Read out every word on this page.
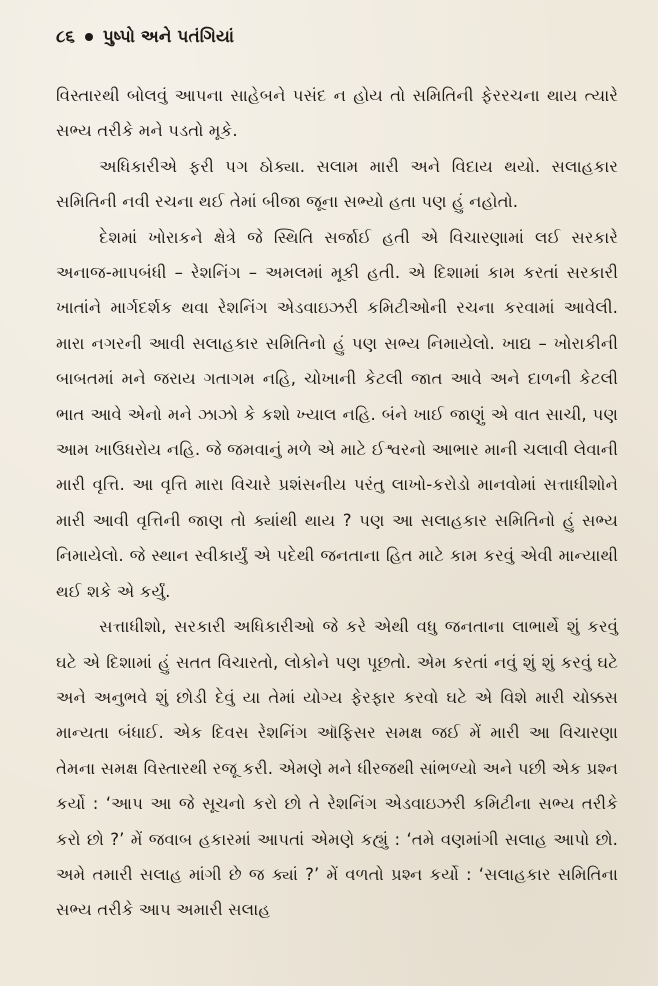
૮૬ પુષ્પો અને પતંગિયાં

વિસ્તારથી બોલવું આપના સાહેબને પસંદ ન હોય તો સમિતિની ફેરરચના થાય ત્યારે સભ્ય તરીકે મને પડતો મૂકે.

અધિકારીએ ફરી પગ ઠોક્યા. સલામ મારી અને વિદાય થયો. સલાહકાર સમિતિની નવી રચના થઈ તેમાં બીજા જૂના સભ્યો હતા પણ હું નહોતો.

દેશમાં ખોરાકને ક્ષેત્રે જે સ્થિતિ સર્જાઈ હતી એ વિચારણામાં લઈ સરકારે અનાજ-માપબંધી – રેશનિંગ – અમલમાં મૂકી હતી. એ દિશામાં કામ કરતાં સરકારી ખાતાંને માર્ગદર્શક થવા રેશનિંગ એડવાઇઝરી કમિટીઓની રચના કરવામાં આવેલી. મારા નગરની આવી સલાહકાર સમિતિનો હું પણ સભ્ય નિમાયેલો. ખાદ્ય – ખોરાકીની બાબતમાં મને જરાય ગતાગમ નહિ, ચોખાની કેટલી જાત આવે અને દાળની કેટલી ભાત આવે એનો મને ઝાઝો કે કશો ખ્યાલ નહિ. બંને ખાઈ જાણું એ વાત સાચી, પણ આમ ખાઉધરોય નહિ. જે જમવાનું મળે એ માટે ઈશ્વરનો આભાર માની ચલાવી લેવાની મારી વૃત્તિ. આ વૃત્તિ મારા વિચારે પ્રશંસનીય પરંતુ લાખો-કરોડો માનવોમાં સત્તાધીશોને મારી આવી વૃત્તિની જાણ તો ક્યાંથી થાય ? પણ આ સલાહકાર સમિતિનો હું સભ્ય નિમાયેલો. જે સ્થાન સ્વીકાર્યું એ પદેથી જનતાના હિત માટે કામ કરવું એવી માન્યાથી થઈ શકે એ કર્યું.

સત્તાધીશો, સરકારી અધિકારીઓ જે કરે એથી વધુ જનતાના લાભાર્થે શું કરવું ઘટે એ દિશામાં હું સતત વિચારતો, લોકોને પણ પૂછતો. એમ કરતાં નવું શું શું કરવું ઘટે અને અનુભવે શું છોડી દેવું યા તેમાં યોગ્ય ફેરફાર કરવો ઘટે એ વિશે મારી ચોક્કસ માન્યતા બંધાઈ. એક દિવસ રેશનિંગ ઑફિસર સમક્ષ જઈ મેં મારી આ વિચારણા તેમના સમક્ષ વિસ્તારથી રજૂ કરી. એમણે મને ધીરજથી સાંભળ્યો અને પછી એક પ્રશ્ન કર્યો : ‘આપ આ જે સૂચનો કરો છો તે રેશનિંગ એડવાઇઝરી કમિટીના સભ્ય તરીકે કરો છો ?’ મેં જવાબ હકારમાં આપતાં એમણે કહ્યું : ‘તમે વણમાંગી સલાહ આપો છો. અમે તમારી સલાહ માંગી છે જ ક્યાં ?’ મેં વળતો પ્રશ્ન કર્યો : ‘સલાહકાર સમિતિના સભ્ય તરીકે આપ અમારી સલાહ
